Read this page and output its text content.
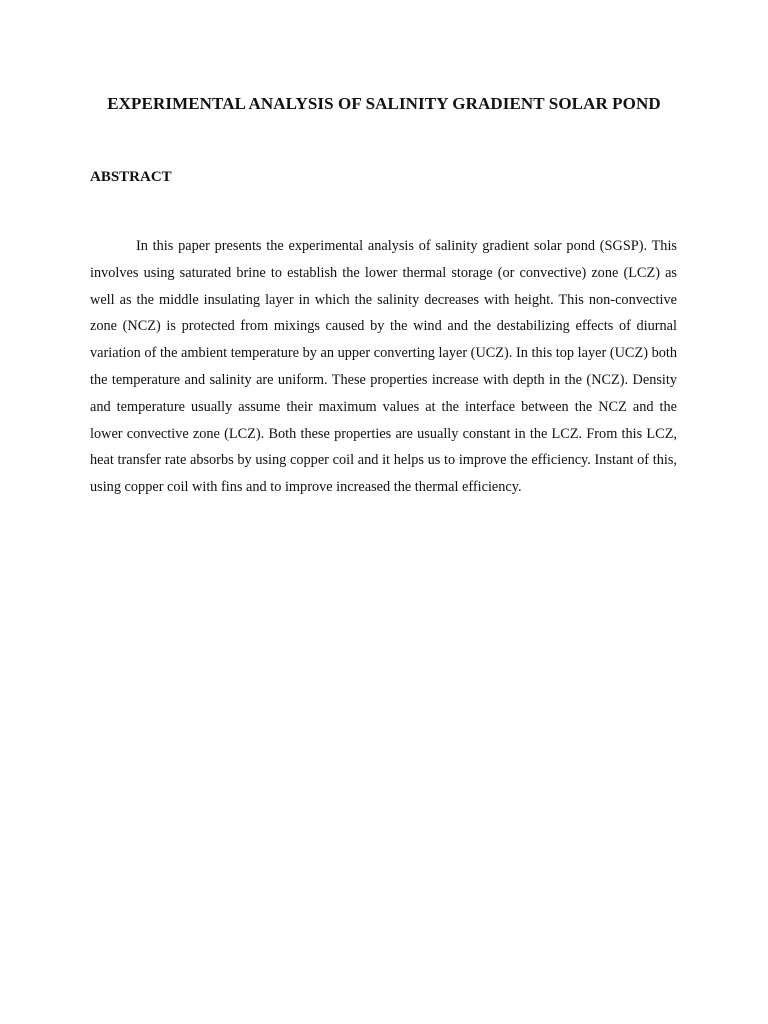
EXPERIMENTAL ANALYSIS OF SALINITY GRADIENT SOLAR POND
ABSTRACT

In this paper presents the experimental analysis of salinity gradient solar pond (SGSP). This involves using saturated brine to establish the lower thermal storage (or convective) zone (LCZ) as well as the middle insulating layer in which the salinity decreases with height. This non-convective zone (NCZ) is protected from mixings caused by the wind and the destabilizing effects of diurnal variation of the ambient temperature by an upper converting layer (UCZ). In this top layer (UCZ) both the temperature and salinity are uniform. These properties increase with depth in the (NCZ). Density and temperature usually assume their maximum values at the interface between the NCZ and the lower convective zone (LCZ). Both these properties are usually constant in the LCZ. From this LCZ, heat transfer rate absorbs by using copper coil and it helps us to improve the efficiency. Instant of this, using copper coil with fins and to improve increased the thermal efficiency.
